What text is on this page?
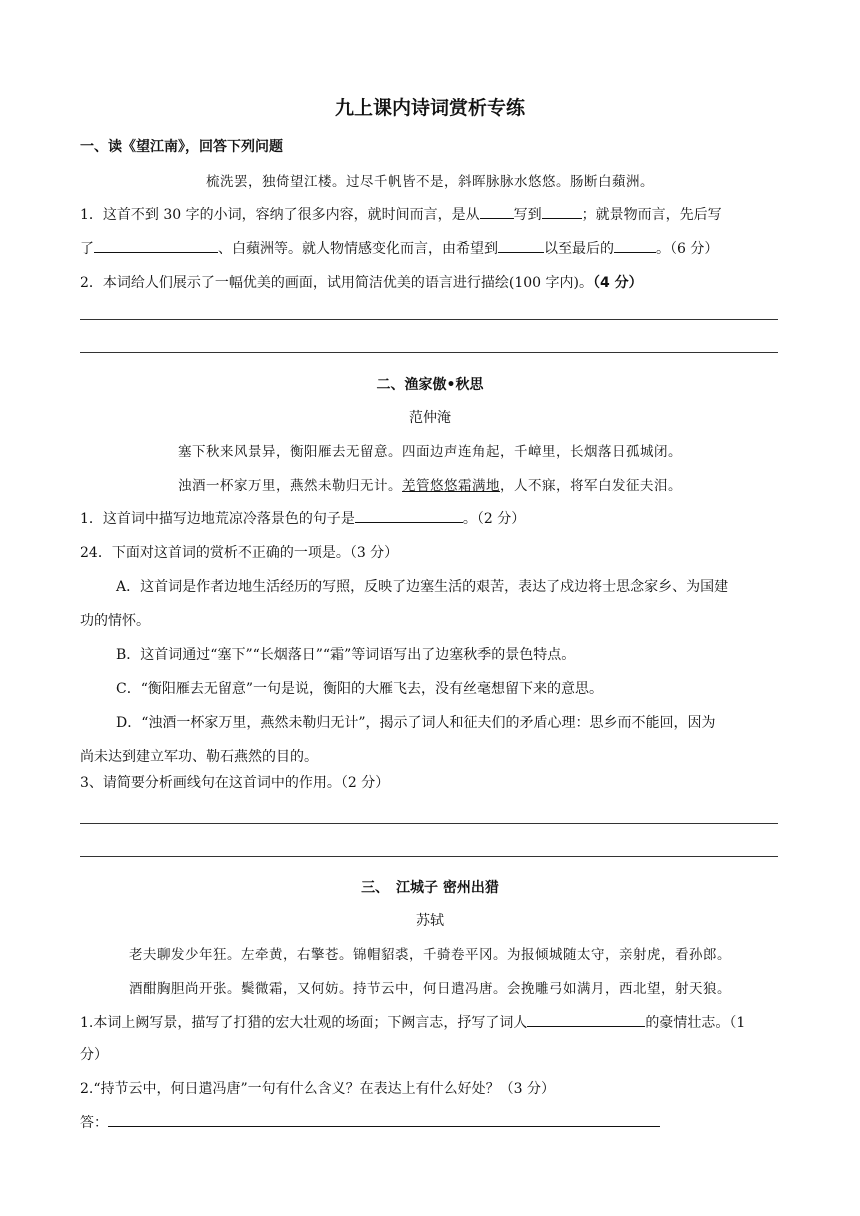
九上课内诗词赏析专练
一、读《望江南》，回答下列问题
梳洗罢，独倚望江楼。过尽千帆皆不是，斜晖脉脉水悠悠。肠断白蘋洲。
1．这首不到 30 字的小词，容纳了很多内容，就时间而言，是从 写到	；就景物而言，先后写
了	、白蘋洲等。就人物情感变化而言，由希望到	以至最后的	。（6 分）
2．本词给人们展示了一幅优美的画面，试用简洁优美的语言进行描绘(100 字内)。（4 分）
二、渔家傲•秋思
范仲淹
塞下秋来风景异，衡阳雁去无留意。四面边声连角起，千嶂里，长烟落日孤城闭。
浊酒一杯家万里，燕然未勒归无计。羌管悠悠霜满地，人不寐，将军白发征夫泪。
1．这首词中描写边地荒凉冷落景色的句子是	。（2 分）
24．下面对这首词的赏析不正确的一项是。（3 分）
A．这首词是作者边地生活经历的写照，反映了边塞生活的艰苦，表达了戍边将士思念家乡、为国建
功的情怀。
B．这首词通过“塞下”“长烟落日”“霜”等词语写出了边塞秋季的景色特点。
C．“衡阳雁去无留意”一句是说，衡阳的大雁飞去，没有丝毫想留下来的意思。
D．“浊酒一杯家万里，燕然未勒归无计”，揭示了词人和征夫们的矛盾心理：思乡而不能回，因为
尚未达到建立军功、勒石燕然的目的。
3、请简要分析画线句在这首词中的作用。（2 分）
三、　江城子 密州出猎
苏轼
老夫聊发少年狂。左牵黄，右擎苍。锦帽貂裘，千骑卷平冈。为报倾城随太守，亲射虎，看孙郎。
酒酣胸胆尚开张。鬓微霜，又何妨。持节云中，何日遣冯唐。会挽雕弓如满月，西北望，射天狼。
1.本词上阙写景，描写了打猎的宏大壮观的场面；下阙言志，抒写了词人	的豪情壮志。（1
分）
2.“持节云中，何日遣冯唐”一句有什么含义？在表达上有什么好处？（3 分）
答：
